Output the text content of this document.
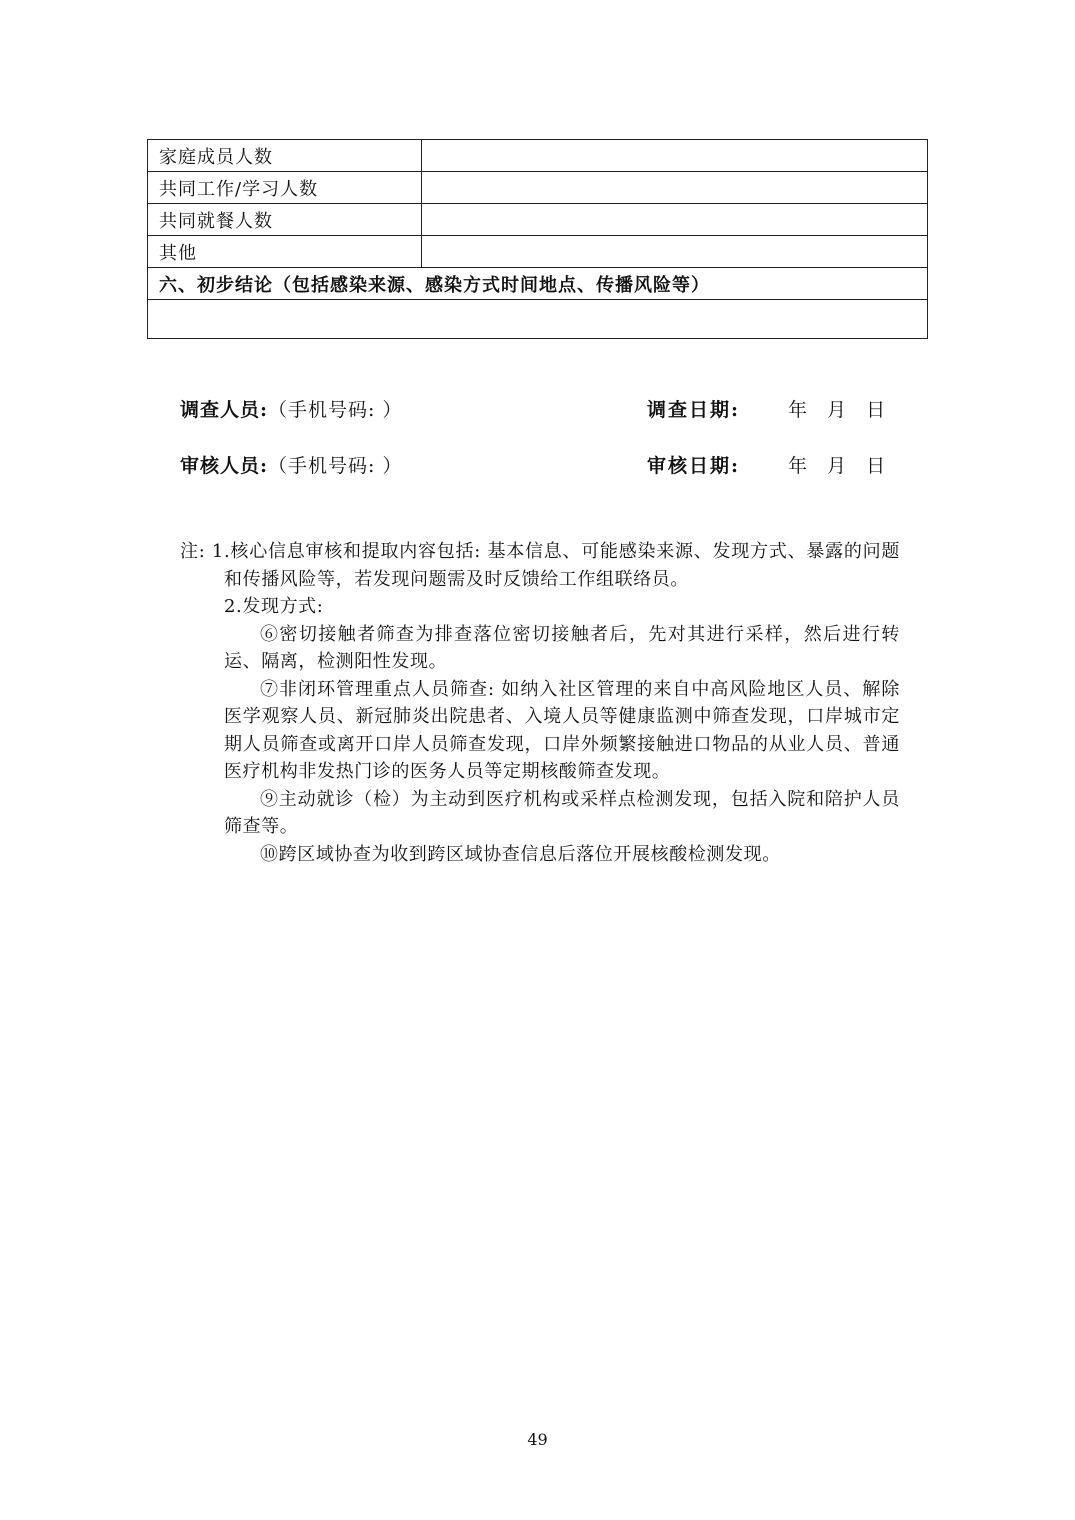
家庭成员人数	
共同工作/学习人数	
共同就餐人数	
其他	
六、初步结论（包括感染来源、感染方式时间地点、传播风险等）	

调查人员:（手机号码: ）	调查日期:	年 月 日
审核人员:（手机号码: ）	审核日期:	年 月 日

注: 1.核心信息审核和提取内容包括: 基本信息、可能感染来源、发现方式、暴露的问题和传播风险等，若发现问题需及时反馈给工作组联络员。

2.发现方式:

⑥密切接触者筛查为排查落位密切接触者后，先对其进行采样，然后进行转运、隔离，检测阳性发现。

⑦非闭环管理重点人员筛查: 如纳入社区管理的来自中高风险地区人员、解除医学观察人员、新冠肺炎出院患者、入境人员等健康监测中筛查发现，口岸城市定期人员筛查或离开口岸人员筛查发现，口岸外频繁接触进口物品的从业人员、普通医疗机构非发热门诊的医务人员等定期核酸筛查发现。

⑨主动就诊（检）为主动到医疗机构或采样点检测发现，包括入院和陪护人员筛查等。

⑩跨区域协查为收到跨区域协查信息后落位开展核酸检测发现。

49
